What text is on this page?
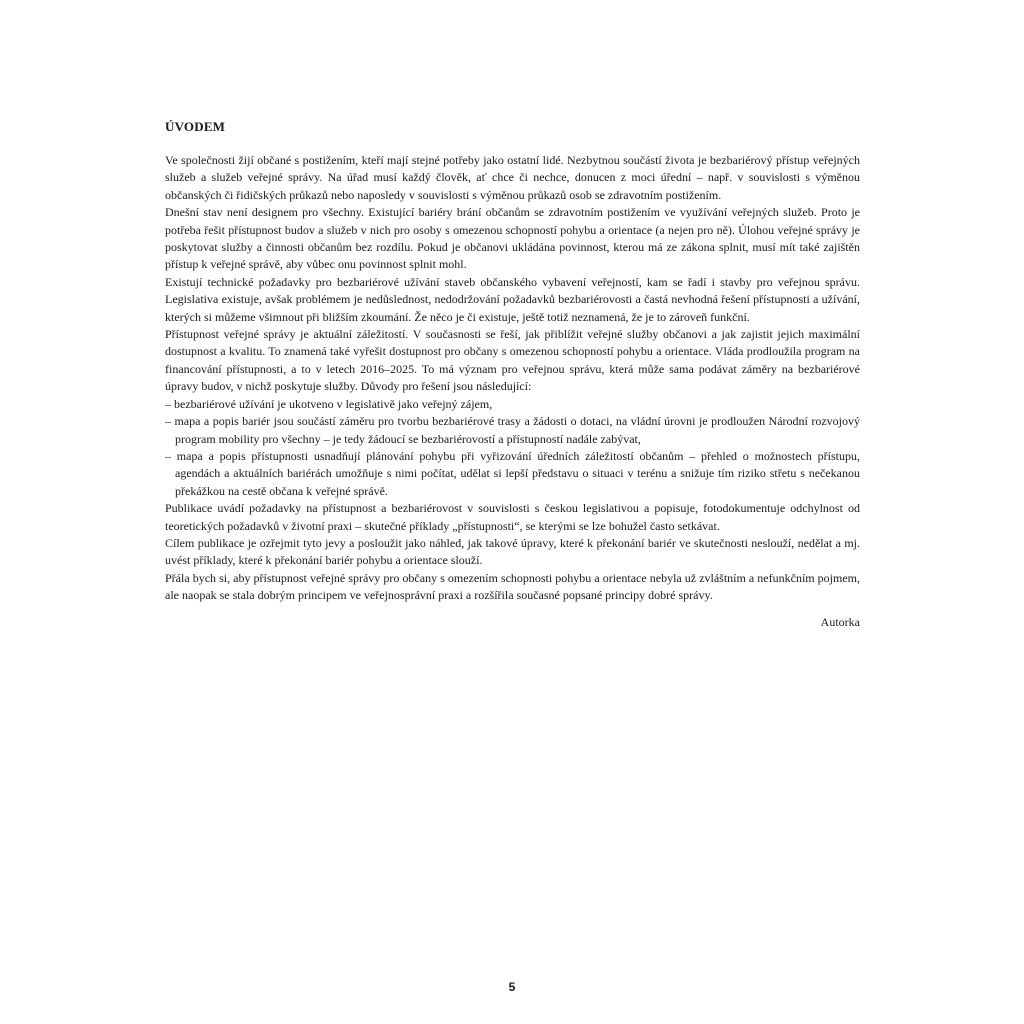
ÚVODEM

Ve společnosti žijí občané s postižením, kteří mají stejné potřeby jako ostatní lidé. Nezbytnou součástí života je bezbariérový přístup veřejných služeb a služeb veřejné správy. Na úřad musí každý člověk, ať chce či nechce, donucen z moci úřední – např. v souvislosti s výměnou občanských či řidičských průkazů nebo naposledy v souvislosti s výměnou průkazů osob se zdravotním postižením.

Dnešní stav není designem pro všechny. Existující bariéry brání občanům se zdravotním postižením ve využívání veřejných služeb. Proto je potřeba řešit přístupnost budov a služeb v nich pro osoby s omezenou schopností pohybu a orientace (a nejen pro ně). Úlohou veřejné správy je poskytovat služby a činnosti občanům bez rozdílu. Pokud je občanovi ukládána povinnost, kterou má ze zákona splnit, musí mít také zajištěn přístup k veřejné správě, aby vůbec onu povinnost splnit mohl.

Existují technické požadavky pro bezbariérové užívání staveb občanského vybavení veřejností, kam se řadí i stavby pro veřejnou správu. Legislativa existuje, avšak problémem je nedůslednost, nedodržování požadavků bezbariérovosti a častá nevhodná řešení přístupnosti a užívání, kterých si můžeme všimnout při bližším zkoumání. Že něco je či existuje, ještě totiž neznamená, že je to zároveň funkční.

Přístupnost veřejné správy je aktuální záležitostí. V současnosti se řeší, jak přiblížit veřejné služby občanovi a jak zajistit jejich maximální dostupnost a kvalitu. To znamená také vyřešit dostupnost pro občany s omezenou schopností pohybu a orientace. Vláda prodloužila program na financování přístupnosti, a to v letech 2016–2025. To má význam pro veřejnou správu, která může sama podávat záměry na bezbariérové úpravy budov, v nichž poskytuje služby. Důvody pro řešení jsou následující:

– bezbariérové užívání je ukotveno v legislativě jako veřejný zájem,
– mapa a popis bariér jsou součástí záměru pro tvorbu bezbariérové trasy a žádosti o dotaci, na vládní úrovni je prodloužen Národní rozvojový program mobility pro všechny – je tedy žádoucí se bezbariérovostí a přístupností nadále zabývat,
– mapa a popis přístupnosti usnadňují plánování pohybu při vyřizování úředních záležitostí občanům – přehled o možnostech přístupu, agendách a aktuálních bariérách umožňuje s nimi počítat, udělat si lepší představu o situaci v terénu a snižuje tím riziko střetu s nečekanou překážkou na cestě občana k veřejné správě.

Publikace uvádí požadavky na přístupnost a bezbariérovost v souvislosti s českou legislativou a popisuje, fotodokumentuje odchylnost od teoretických požadavků v životní praxi – skutečné příklady „přístupnosti“, se kterými se lze bohužel často setkávat.

Cílem publikace je ozřejmit tyto jevy a posloužit jako náhled, jak takové úpravy, které k překonání bariér ve skutečnosti neslouží, nedělat a mj. uvést příklady, které k překonání bariér pohybu a orientace slouží.

Přála bych si, aby přístupnost veřejné správy pro občany s omezením schopnosti pohybu a orientace nebyla už zvláštním a nefunkčním pojmem, ale naopak se stala dobrým principem ve veřejnosprávní praxi a rozšířila současné popsané principy dobré správy.

Autorka
5
